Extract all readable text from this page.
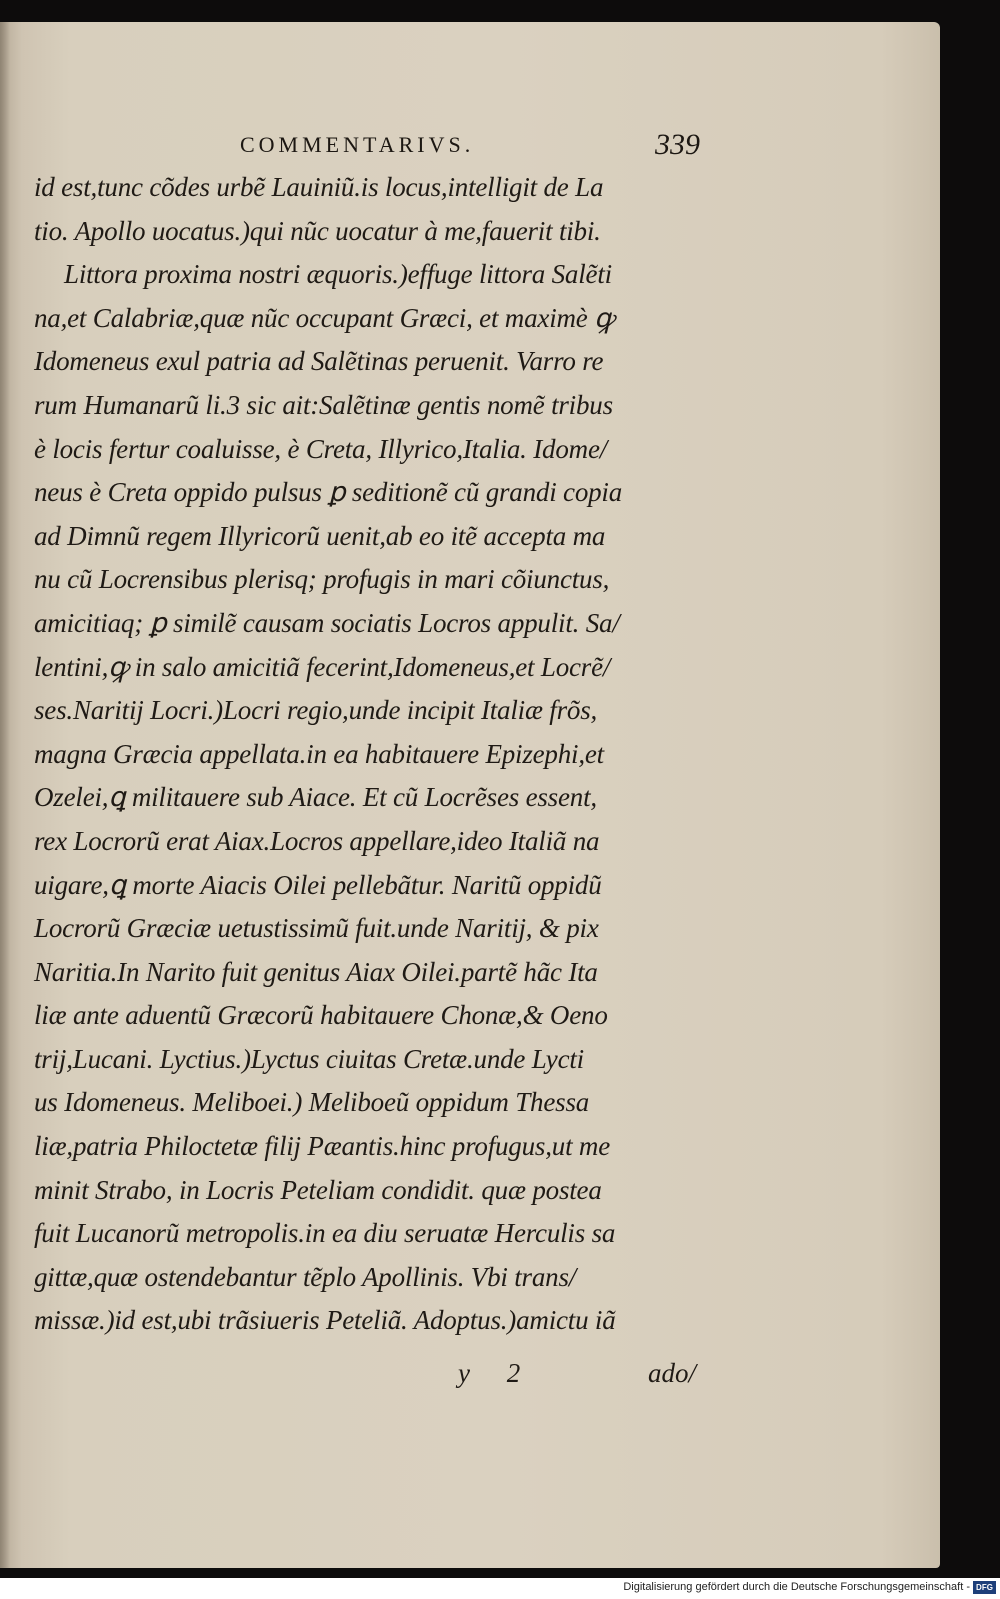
COMMENTARIVS.	339
id est,tunc cõdes urbẽ Lauiniũ.is locus,intelligit de La
tio. Apollo uocatus.)qui nũc uocatur à me,fauerit tibi.
Littora proxima nostri æquoris.)effuge littora Salẽti
na,et Calabriæ,quæ nũc occupant Græci, et maximè ꝙ
Idomeneus exul patria ad Salẽtinas peruenit. Varro re
rum Humanarũ li.3 sic ait:Salẽtinæ gentis nomẽ tribus
è locis fertur coaluisse, è Creta, Illyrico,Italia. Idome/
neus è Creta oppido pulsus ꝑ seditionẽ cũ grandi copia
ad Dimnũ regem Illyricorũ uenit,ab eo itẽ accepta ma
nu cũ Locrensibus plerisq; profugis in mari cõiunctus,
amicitiaq; ꝑ similẽ causam sociatis Locros appulit. Sa/
lentini,ꝙ in salo amicitiã fecerint,Idomeneus,et Locrẽ/
ses.Naritij Locri.)Locri regio,unde incipit Italiæ frõs,
magna Græcia appellata.in ea habitauere Epizephi,et
Ozelei,ꝗ militauere sub Aiace. Et cũ Locrẽses essent,
rex Locrorũ erat Aiax.Locros appellare,ideo Italiã na
uigare,ꝗ morte Aiacis Oilei pellebãtur. Naritũ oppidũ
Locrorũ Græciæ uetustissimũ fuit.unde Naritij, & pix
Naritia.In Narito fuit genitus Aiax Oilei.partẽ hãc Ita
liæ ante aduentũ Græcorũ habitauere Chonæ,& Oeno
trij,Lucani. Lyctius.)Lyctus ciuitas Cretæ.unde Lycti
us Idomeneus. Meliboei.) Meliboeũ oppidum Thessa
liæ,patria Philoctetæ filij Pæantis.hinc profugus,ut me
minit Strabo, in Locris Peteliam condidit. quæ postea
fuit Lucanorũ metropolis.in ea diu seruatæ Herculis sa
gittæ,quæ ostendebantur tẽplo Apollinis. Vbi trans/
missæ.)id est,ubi trãsiueris Peteliã. Adoptus.)amictu iã
y 2	ado/
Digitalisierung gefördert durch die Deutsche Forschungsgemeinschaft - DFG
